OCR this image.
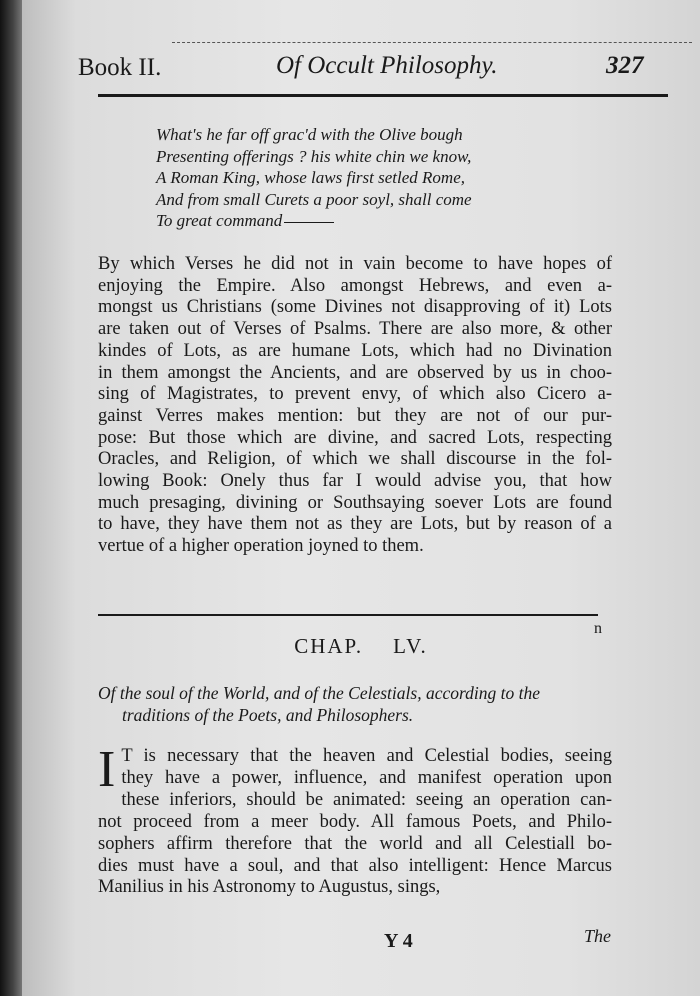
Book II.	Of Occult Philosophy.	327
What's he far off grac'd with the Olive bough
Presenting offerings ? his white chin we know,
A Roman King, whose laws first setled Rome,
And from small Curets a poor soyl, shall come
To great command
By which Verses he did not in vain become to have hopes of
enjoying the Empire. Also amongst Hebrews, and even a-
mongst us Christians (some Divines not disapproving of it) Lots
are taken out of Verses of Psalms. There are also more, & other
kindes of Lots, as are humane Lots, which had no Divination
in them amongst the Ancients, and are observed by us in choo-
sing of Magistrates, to prevent envy, of which also Cicero a-
gainst Verres makes mention: but they are not of our pur-
pose: But those which are divine, and sacred Lots, respecting
Oracles, and Religion, of which we shall discourse in the fol-
lowing Book: Onely thus far I would advise you, that how
much presaging, divining or Southsaying soever Lots are found
to have, they have them not as they are Lots, but by reason of a
vertue of a higher operation joyned to them.
n
CHAP. LV.
Of the soul of the World, and of the Celestials, according to the
traditions of the Poets, and Philosophers.
I T is necessary that the heaven and Celestial bodies, seeing
they have a power, influence, and manifest operation upon
these inferiors, should be animated: seeing an operation can-
not proceed from a meer body. All famous Poets, and Philo-
sophers affirm therefore that the world and all Celestiall bo-
dies must have a soul, and that also intelligent: Hence Marcus
Manilius in his Astronomy to Augustus, sings,
Y 4	The
